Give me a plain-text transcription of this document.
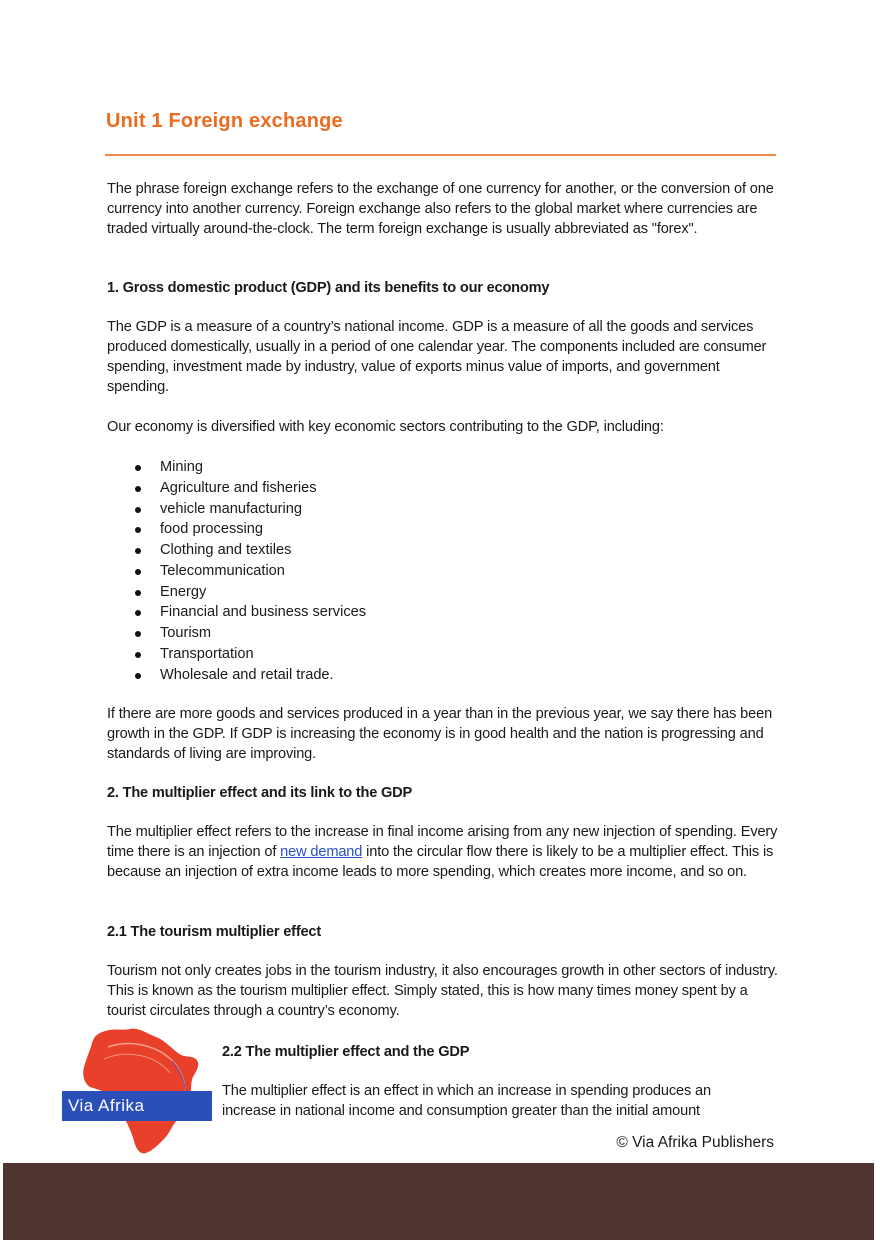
Unit 1 Foreign exchange

The phrase foreign exchange refers to the exchange of one currency for another, or the conversion of one currency into another currency. Foreign exchange also refers to the global market where currencies are traded virtually around-the-clock. The term foreign exchange is usually abbreviated as "forex".

1. Gross domestic product (GDP) and its benefits to our economy

The GDP is a measure of a country’s national income. GDP is a measure of all the goods and services produced domestically, usually in a period of one calendar year. The components included are consumer spending, investment made by industry, value of exports minus value of imports, and government spending.

Our economy is diversified with key economic sectors contributing to the GDP, including:

Mining
Agriculture and fisheries
vehicle manufacturing
food processing
Clothing and textiles
Telecommunication
Energy
Financial and business services
Tourism
Transportation
Wholesale and retail trade.

If there are more goods and services produced in a year than in the previous year, we say there has been growth in the GDP. If GDP is increasing the economy is in good health and the nation is progressing and standards of living are improving.

2. The multiplier effect and its link to the GDP

The multiplier effect refers to the increase in final income arising from any new injection of spending. Every time there is an injection of new demand into the circular flow there is likely to be a multiplier effect. This is because an injection of extra income leads to more spending, which creates more income, and so on.

2.1 The tourism multiplier effect

Tourism not only creates jobs in the tourism industry, it also encourages growth in other sectors of industry. This is known as the tourism multiplier effect. Simply stated, this is how many times money spent by a tourist circulates through a country’s economy.

2.2 The multiplier effect and the GDP

The multiplier effect is an effect in which an increase in spending produces an increase in national income and consumption greater than the initial amount

Via Afrika
© Via Afrika Publishers
